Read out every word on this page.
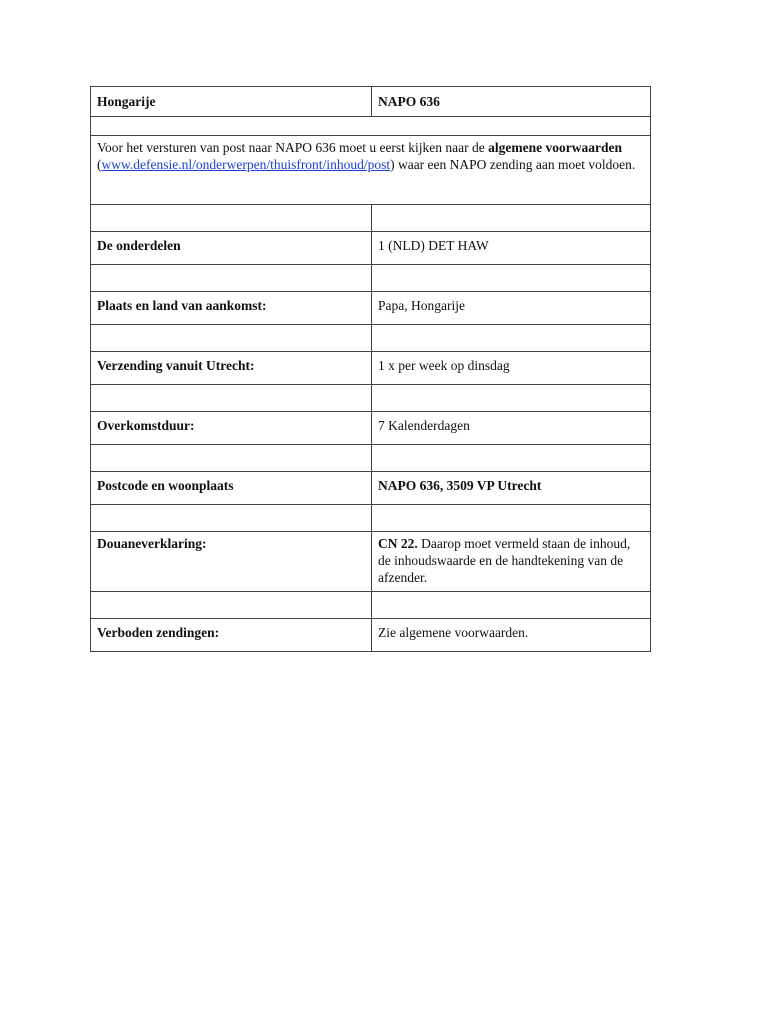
Hongarije	NAPO 636

Voor het versturen van post naar NAPO 636 moet u eerst kijken naar de algemene voorwaarden (www.defensie.nl/onderwerpen/thuisfront/inhoud/post) waar een NAPO zending aan moet voldoen.	

De onderdelen	1 (NLD) DET HAW

Plaats en land van aankomst:	Papa, Hongarije

Verzending vanuit Utrecht:	1 x per week op dinsdag

Overkomstduur:	7 Kalenderdagen

Postcode en woonplaats	NAPO 636, 3509 VP Utrecht

Douaneverklaring:	CN 22. Daarop moet vermeld staan de inhoud, de inhoudswaarde en de handtekening van de afzender.

Verboden zendingen:	Zie algemene voorwaarden.
